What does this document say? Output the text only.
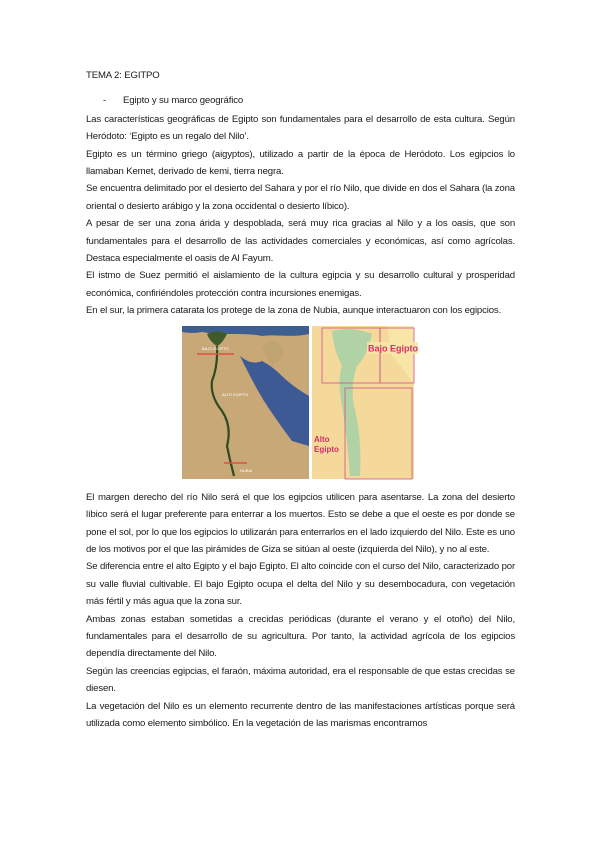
TEMA 2: EGITPO

- Egipto y su marco geográfico

Las características geográficas de Egipto son fundamentales para el desarrollo de esta cultura. Según Heródoto: ‘Egipto es un regalo del Nilo’.

Egipto es un término griego (aigyptos), utilizado a partir de la época de Heródoto. Los egipcios lo llamaban Kemet, derivado de kemi, tierra negra.

Se encuentra delimitado por el desierto del Sahara y por el río Nilo, que divide en dos el Sahara (la zona oriental o desierto arábigo y la zona occidental o desierto líbico).

A pesar de ser una zona árida y despoblada, será muy rica gracias al Nilo y a los oasis, que son fundamentales para el desarrollo de las actividades comerciales y económicas, así como agrícolas. Destaca especialmente el oasis de Al Fayum.

El istmo de Suez permitió el aislamiento de la cultura egipcia y su desarrollo cultural y prosperidad económica, confiriéndoles protección contra incursiones enemigas.

En el sur, la primera catarata los protege de la zona de Nubia, aunque interactuaron con los egipcios.

BAJO EGIPTO
ALTO EGIPTO
NUBIA
Bajo Egipto
Alto
Egipto

El margen derecho del río Nilo será el que los egipcios utilicen para asentarse. La zona del desierto líbico será el lugar preferente para enterrar a los muertos. Esto se debe a que el oeste es por donde se pone el sol, por lo que los egipcios lo utilizarán para enterrarlos en el lado izquierdo del Nilo. Este es uno de los motivos por el que las pirámides de Giza se sitúan al oeste (izquierda del Nilo), y no al este.

Se diferencia entre el alto Egipto y el bajo Egipto. El alto coincide con el curso del Nilo, caracterizado por su valle fluvial cultivable. El bajo Egipto ocupa el delta del Nilo y su desembocadura, con vegetación más fértil y más agua que la zona sur.

Ambas zonas estaban sometidas a crecidas periódicas (durante el verano y el otoño) del Nilo, fundamentales para el desarrollo de su agricultura. Por tanto, la actividad agrícola de los egipcios dependía directamente del Nilo.

Según las creencias egipcias, el faraón, máxima autoridad, era el responsable de que estas crecidas se diesen.

La vegetación del Nilo es un elemento recurrente dentro de las manifestaciones artísticas porque será utilizada como elemento simbólico. En la vegetación de las marismas encontramos
